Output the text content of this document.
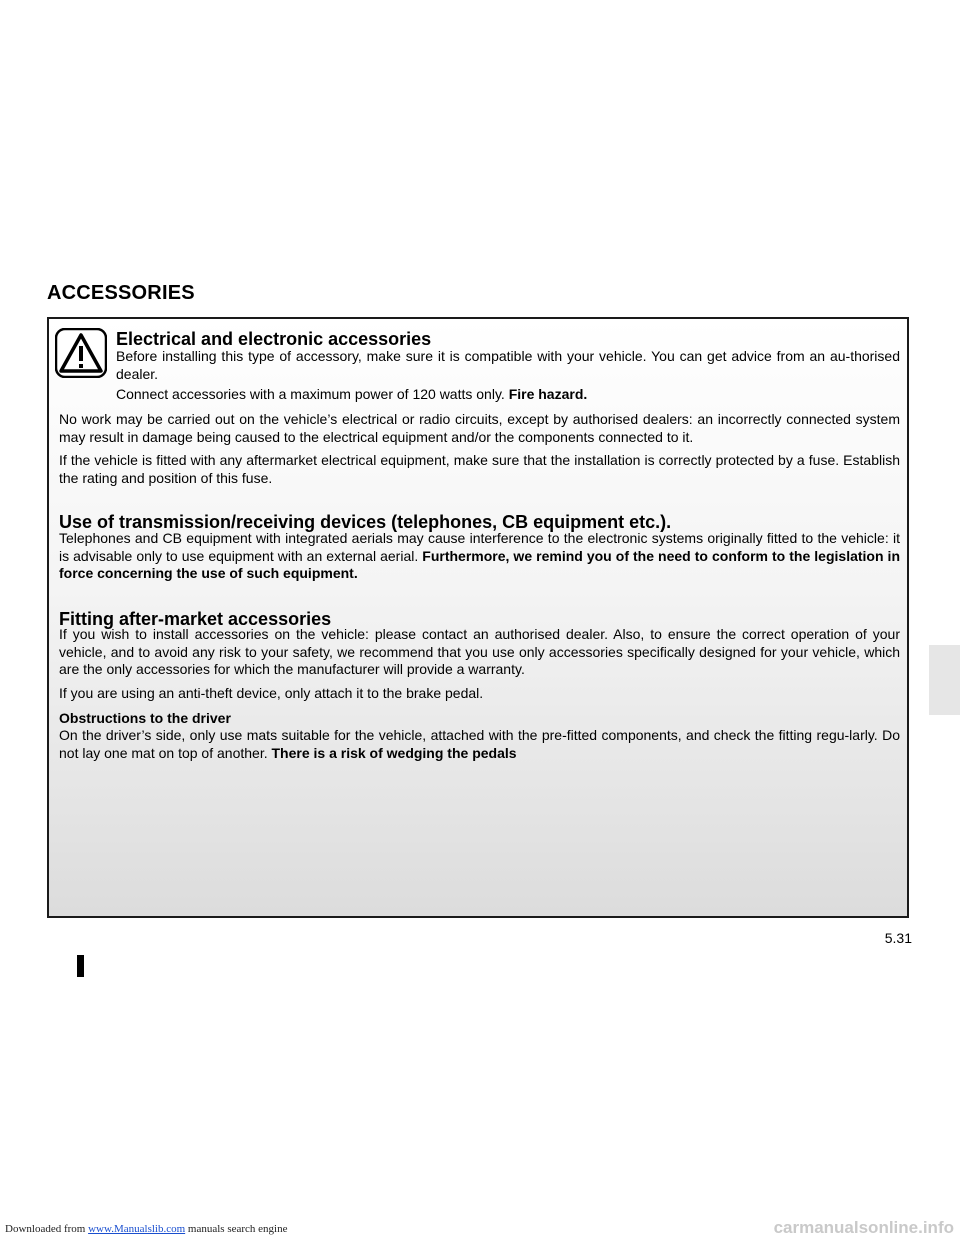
ACCESSORIES
Electrical and electronic accessories

Before installing this type of accessory, make sure it is compatible with your vehicle. You can get advice from an au-thorised dealer.

Connect accessories with a maximum power of 120 watts only. Fire hazard.

No work may be carried out on the vehicle’s electrical or radio circuits, except by authorised dealers: an incorrectly connected system may result in damage being caused to the electrical equipment and/or the components connected to it.

If the vehicle is fitted with any aftermarket electrical equipment, make sure that the installation is correctly protected by a fuse. Establish the rating and position of this fuse.

Use of transmission/receiving devices (telephones, CB equipment etc.).

Telephones and CB equipment with integrated aerials may cause interference to the electronic systems originally fitted to the vehicle: it is advisable only to use equipment with an external aerial. Furthermore, we remind you of the need to conform to the legislation in force concerning the use of such equipment.

Fitting after-market accessories

If you wish to install accessories on the vehicle: please contact an authorised dealer. Also, to ensure the correct operation of your vehicle, and to avoid any risk to your safety, we recommend that you use only accessories specifically designed for your vehicle, which are the only accessories for which the manufacturer will provide a warranty.

If you are using an anti-theft device, only attach it to the brake pedal.

Obstructions to the driver

On the driver’s side, only use mats suitable for the vehicle, attached with the pre-fitted components, and check the fitting regu-larly. Do not lay one mat on top of another. There is a risk of wedging the pedals

5.31
Downloaded from www.Manualslib.com manuals search engine	carmanualsonline.info
